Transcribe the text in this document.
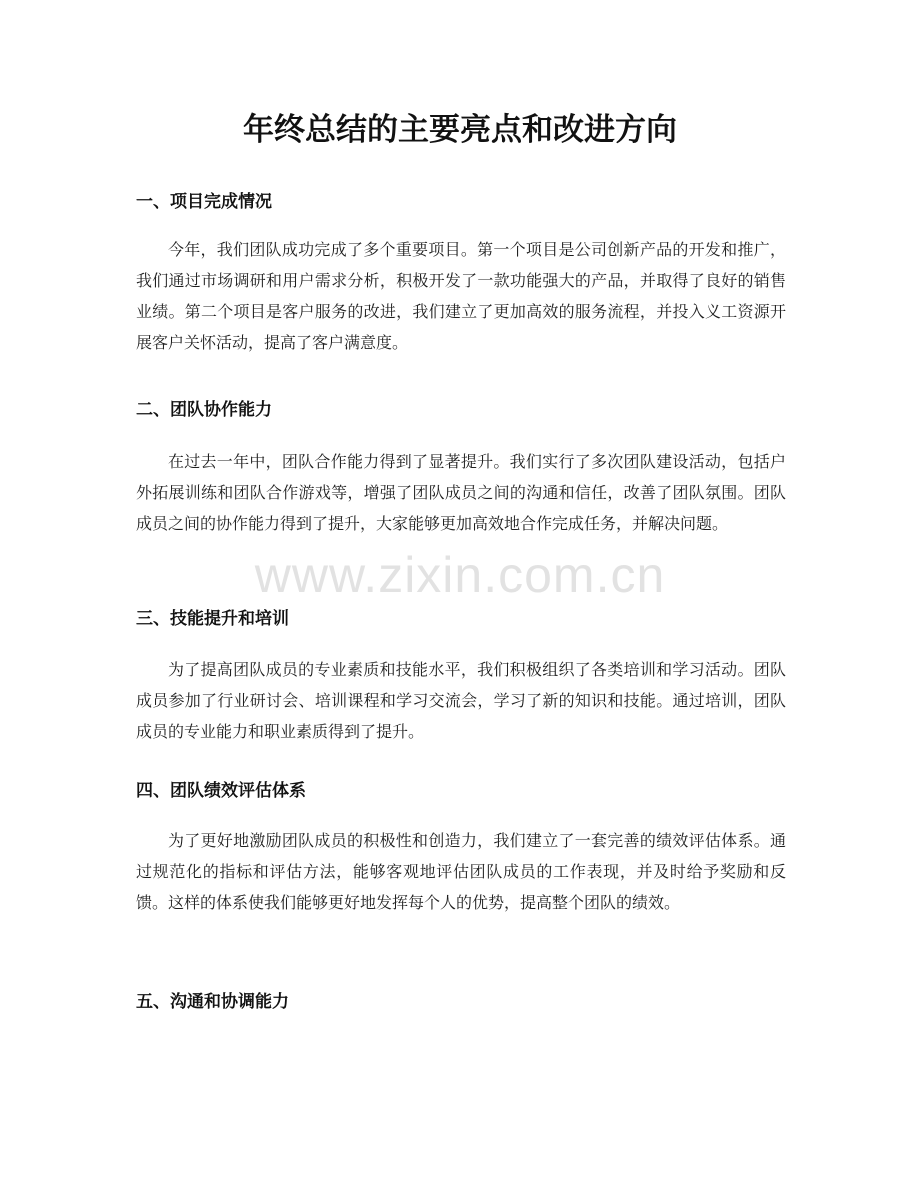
年终总结的主要亮点和改进方向
一、项目完成情况

今年，我们团队成功完成了多个重要项目。第一个项目是公司创新产品的开发和推广，我们通过市场调研和用户需求分析，积极开发了一款功能强大的产品，并取得了良好的销售业绩。第二个项目是客户服务的改进，我们建立了更加高效的服务流程，并投入义工资源开展客户关怀活动，提高了客户满意度。

二、团队协作能力

在过去一年中，团队合作能力得到了显著提升。我们实行了多次团队建设活动，包括户外拓展训练和团队合作游戏等，增强了团队成员之间的沟通和信任，改善了团队氛围。团队成员之间的协作能力得到了提升，大家能够更加高效地合作完成任务，并解决问题。

三、技能提升和培训

为了提高团队成员的专业素质和技能水平，我们积极组织了各类培训和学习活动。团队成员参加了行业研讨会、培训课程和学习交流会，学习了新的知识和技能。通过培训，团队成员的专业能力和职业素质得到了提升。

四、团队绩效评估体系

为了更好地激励团队成员的积极性和创造力，我们建立了一套完善的绩效评估体系。通过规范化的指标和评估方法，能够客观地评估团队成员的工作表现，并及时给予奖励和反馈。这样的体系使我们能够更好地发挥每个人的优势，提高整个团队的绩效。

五、沟通和协调能力
www.zixin.com.cn
